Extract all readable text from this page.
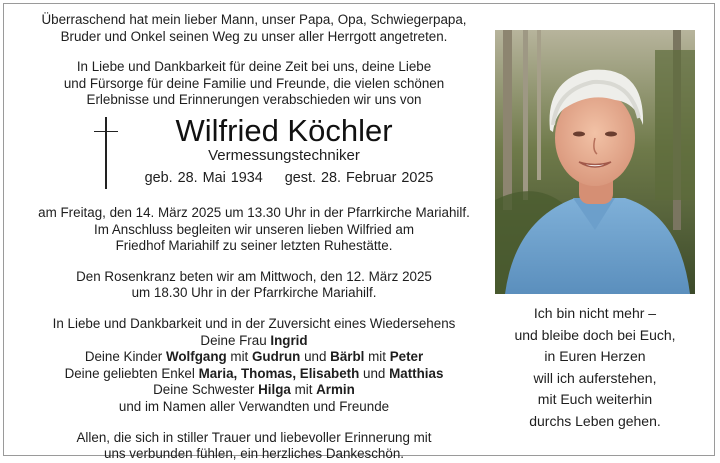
Überraschend hat mein lieber Mann, unser Papa, Opa, Schwiegerpapa,

Bruder und Onkel seinen Weg zu unser aller Herrgott angetreten.

In Liebe und Dankbarkeit für deine Zeit bei uns, deine Liebe

und Fürsorge für deine Familie und Freunde, die vielen schönen

Erlebnisse und Erinnerungen verabschieden wir uns von

Wilfried Köchler
Vermessungstechniker
geb. 28. Mai 1934 gest. 28. Februar 2025

am Freitag, den 14. März 2025 um 13.30 Uhr in der Pfarrkirche Mariahilf.

Im Anschluss begleiten wir unseren lieben Wilfried am

Friedhof Mariahilf zu seiner letzten Ruhestätte.

Den Rosenkranz beten wir am Mittwoch, den 12. März 2025

um 18.30 Uhr in der Pfarrkirche Mariahilf.

In Liebe und Dankbarkeit und in der Zuversicht eines Wiedersehens

Deine Frau Ingrid

Deine Kinder Wolfgang mit Gudrun und Bärbl mit Peter

Deine geliebten Enkel Maria, Thomas, Elisabeth und Matthias

Deine Schwester Hilga mit Armin

und im Namen aller Verwandten und Freunde

Allen, die sich in stiller Trauer und liebevoller Erinnerung mit

uns verbunden fühlen, ein herzliches Dankeschön.

Ich bin nicht mehr –
und bleibe doch bei Euch,
in Euren Herzen
will ich auferstehen,
mit Euch weiterhin
durchs Leben gehen.
